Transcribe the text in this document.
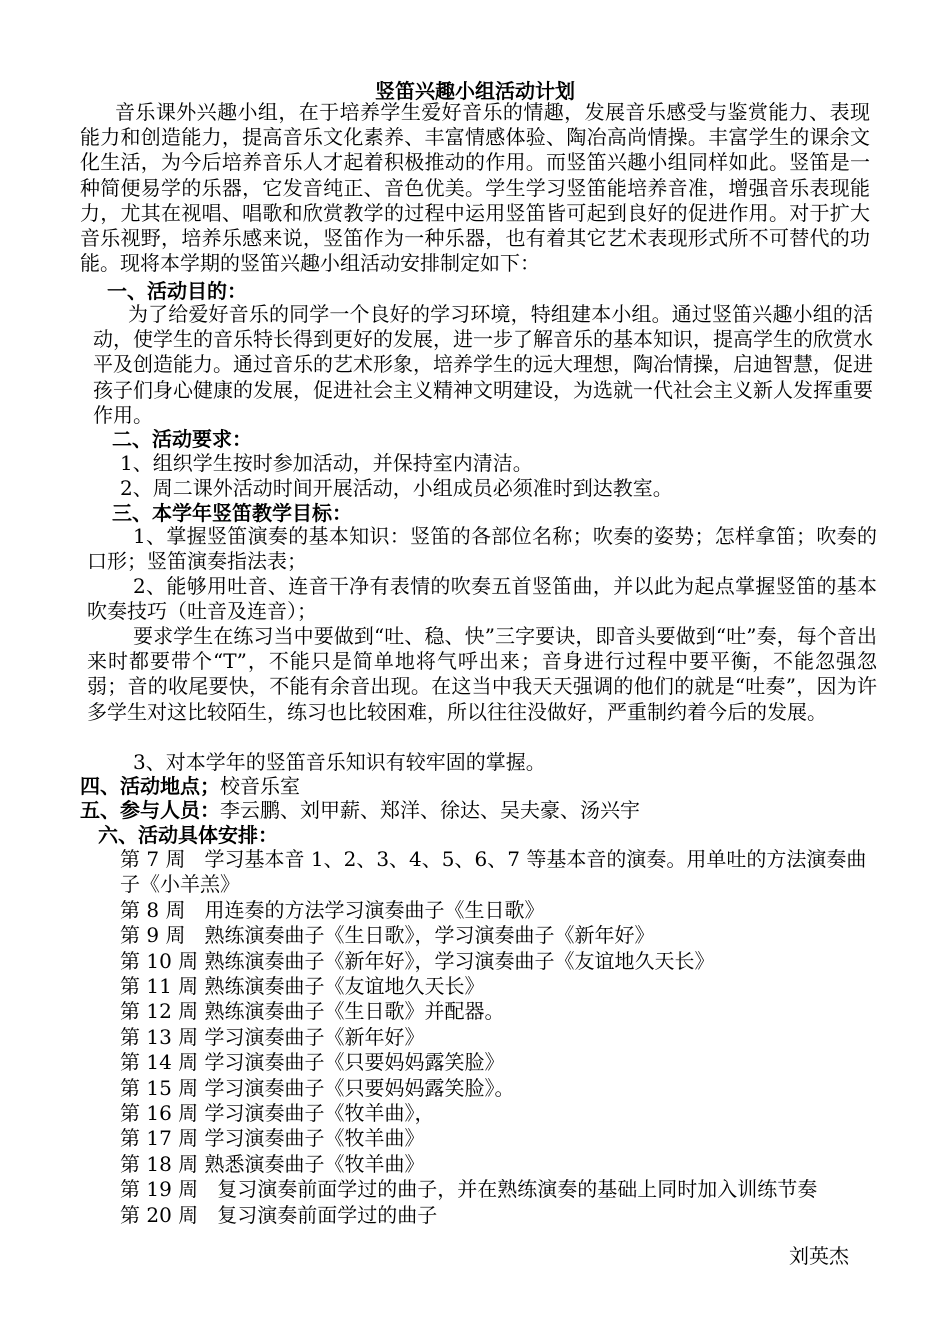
竖笛兴趣小组活动计划

音乐课外兴趣小组，在于培养学生爱好音乐的情趣，发展音乐感受与鉴赏能力、表现能力和创造能力，提高音乐文化素养、丰富情感体验、陶冶高尚情操。丰富学生的课余文化生活，为今后培养音乐人才起着积极推动的作用。而竖笛兴趣小组同样如此。竖笛是一种简便易学的乐器，它发音纯正、音色优美。学生学习竖笛能培养音准，增强音乐表现能力，尤其在视唱、唱歌和欣赏教学的过程中运用竖笛皆可起到良好的促进作用。对于扩大音乐视野，培养乐感来说，竖笛作为一种乐器，也有着其它艺术表现形式所不可替代的功能。现将本学期的竖笛兴趣小组活动安排制定如下：

一、活动目的：

为了给爱好音乐的同学一个良好的学习环境，特组建本小组。通过竖笛兴趣小组的活动，使学生的音乐特长得到更好的发展，进一步了解音乐的基本知识，提高学生的欣赏水平及创造能力。通过音乐的艺术形象，培养学生的远大理想，陶冶情操，启迪智慧，促进孩子们身心健康的发展，促进社会主义精神文明建设，为选就一代社会主义新人发挥重要作用。

二、活动要求：
1、组织学生按时参加活动，并保持室内清洁。
2、周二课外活动时间开展活动，小组成员必须准时到达教室。
三、本学年竖笛教学目标：

1、掌握竖笛演奏的基本知识：竖笛的各部位名称；吹奏的姿势；怎样拿笛；吹奏的口形；竖笛演奏指法表；

2、能够用吐音、连音干净有表情的吹奏五首竖笛曲，并以此为起点掌握竖笛的基本吹奏技巧（吐音及连音）；

要求学生在练习当中要做到“吐、稳、快”三字要诀，即音头要做到“吐”奏，每个音出来时都要带个“T”，不能只是简单地将气呼出来；音身进行过程中要平衡，不能忽强忽弱；音的收尾要快，不能有余音出现。在这当中我天天强调的他们的就是“吐奏”，因为许多学生对这比较陌生，练习也比较困难，所以往往没做好，严重制约着今后的发展。

3、对本学年的竖笛音乐知识有较牢固的掌握。

四、活动地点；校音乐室
五、参与人员：李云鹏、刘甲薪、郑洋、徐达、吴夫豪、汤兴宇
六、活动具体安排：
第 7 周 学习基本音 1、2、3、4、5、6、7 等基本音的演奏。用单吐的方法演奏曲子《小羊羔》
第 8 周 用连奏的方法学习演奏曲子《生日歌》
第 9 周 熟练演奏曲子《生日歌》，学习演奏曲子《新年好》
第 10 周 熟练演奏曲子《新年好》，学习演奏曲子《友谊地久天长》
第 11 周 熟练演奏曲子《友谊地久天长》
第 12 周 熟练演奏曲子《生日歌》并配器。
第 13 周 学习演奏曲子《新年好》
第 14 周 学习演奏曲子《只要妈妈露笑脸》
第 15 周 学习演奏曲子《只要妈妈露笑脸》。
第 16 周 学习演奏曲子《牧羊曲》，
第 17 周 学习演奏曲子《牧羊曲》
第 18 周 熟悉演奏曲子《牧羊曲》
第 19 周 复习演奏前面学过的曲子，并在熟练演奏的基础上同时加入训练节奏
第 20 周 复习演奏前面学过的曲子
刘英杰
